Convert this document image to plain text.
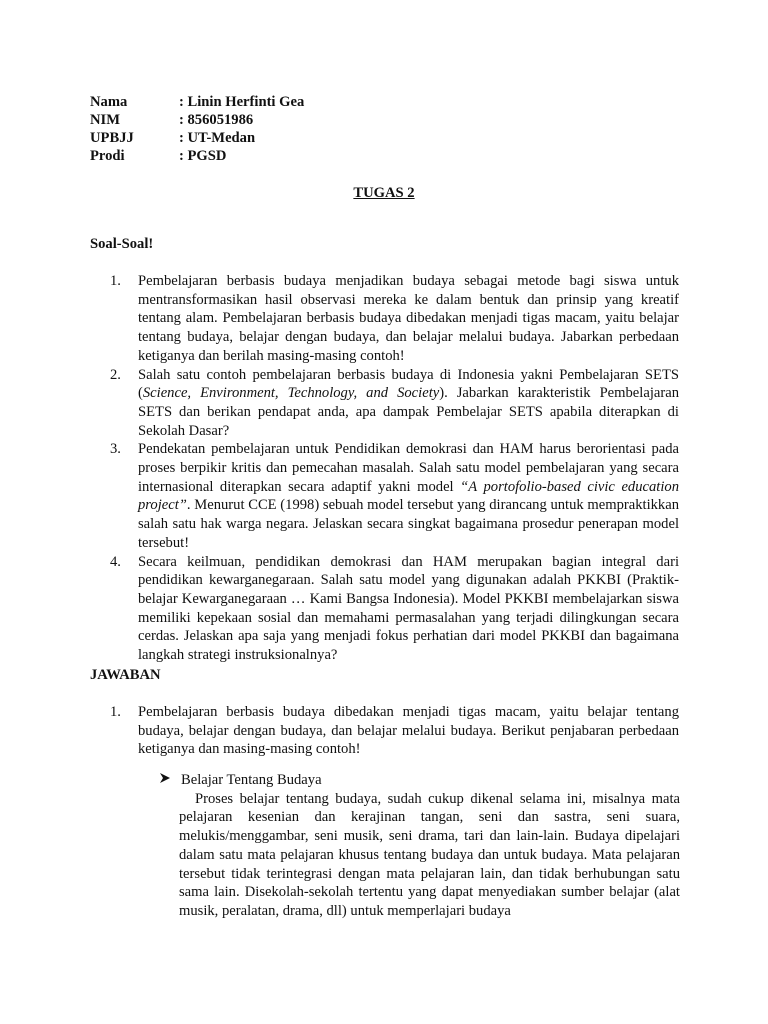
Nama	: Linin Herfinti Gea
NIM	: 856051986
UPBJJ	: UT-Medan
Prodi	: PGSD
TUGAS 2
Soal-Soal!
1. Pembelajaran berbasis budaya menjadikan budaya sebagai metode bagi siswa untuk mentransformasikan hasil observasi mereka ke dalam bentuk dan prinsip yang kreatif tentang alam. Pembelajaran berbasis budaya dibedakan menjadi tigas macam, yaitu belajar tentang budaya, belajar dengan budaya, dan belajar melalui budaya. Jabarkan perbedaan ketiganya dan berilah masing-masing contoh!
2. Salah satu contoh pembelajaran berbasis budaya di Indonesia yakni Pembelajaran SETS (Science, Environment, Technology, and Society). Jabarkan karakteristik Pembelajaran SETS dan berikan pendapat anda, apa dampak Pembelajar SETS apabila diterapkan di Sekolah Dasar?
3. Pendekatan pembelajaran untuk Pendidikan demokrasi dan HAM harus berorientasi pada proses berpikir kritis dan pemecahan masalah. Salah satu model pembelajaran yang secara internasional diterapkan secara adaptif yakni model “A portofolio-based civic education project”. Menurut CCE (1998) sebuah model tersebut yang dirancang untuk mempraktikkan salah satu hak warga negara. Jelaskan secara singkat bagaimana prosedur penerapan model tersebut!
4. Secara keilmuan, pendidikan demokrasi dan HAM merupakan bagian integral dari pendidikan kewarganegaraan. Salah satu model yang digunakan adalah PKKBI (Praktik-belajar Kewarganegaraan … Kami Bangsa Indonesia). Model PKKBI membelajarkan siswa memiliki kepekaan sosial dan memahami permasalahan yang terjadi dilingkungan secara cerdas. Jelaskan apa saja yang menjadi fokus perhatian dari model PKKBI dan bagaimana langkah strategi instruksionalnya?
JAWABAN
1. Pembelajaran berbasis budaya dibedakan menjadi tigas macam, yaitu belajar tentang budaya, belajar dengan budaya, dan belajar melalui budaya. Berikut penjabaran perbedaan ketiganya dan masing-masing contoh!
Belajar Tentang Budaya
Proses belajar tentang budaya, sudah cukup dikenal selama ini, misalnya mata pelajaran kesenian dan kerajinan tangan, seni dan sastra, seni suara, melukis/menggambar, seni musik, seni drama, tari dan lain-lain. Budaya dipelajari dalam satu mata pelajaran khusus tentang budaya dan untuk budaya. Mata pelajaran tersebut tidak terintegrasi dengan mata pelajaran lain, dan tidak berhubungan satu sama lain. Disekolah-sekolah tertentu yang dapat menyediakan sumber belajar (alat musik, peralatan, drama, dll) untuk memperlajari budaya
